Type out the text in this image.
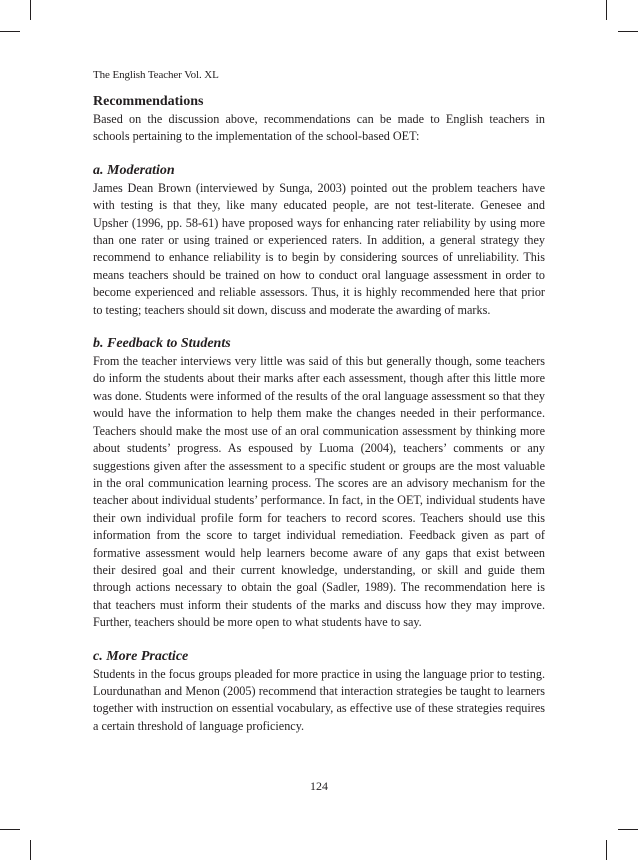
The English Teacher Vol. XL
Recommendations

Based on the discussion above, recommendations can be made to English teachers in schools pertaining to the implementation of the school-based OET:

a. Moderation

James Dean Brown (interviewed by Sunga, 2003) pointed out the problem teachers have with testing is that they, like many educated people, are not test-literate. Genesee and Upsher (1996, pp. 58-61) have proposed ways for enhancing rater reliability by using more than one rater or using trained or experienced raters. In addition, a general strategy they recommend to enhance reliability is to begin by considering sources of unreliability. This means teachers should be trained on how to conduct oral language assessment in order to become experienced and reliable assessors. Thus, it is highly recommended here that prior to testing; teachers should sit down, discuss and moderate the awarding of marks.

b. Feedback to Students

From the teacher interviews very little was said of this but generally though, some teachers do inform the students about their marks after each assessment, though after this little more was done. Students were informed of the results of the oral language assessment so that they would have the information to help them make the changes needed in their performance. Teachers should make the most use of an oral communication assessment by thinking more about students’ progress. As espoused by Luoma (2004), teachers’ comments or any suggestions given after the assessment to a specific student or groups are the most valuable in the oral communication learning process. The scores are an advisory mechanism for the teacher about individual students’ performance. In fact, in the OET, individual students have their own individual profile form for teachers to record scores. Teachers should use this information from the score to target individual remediation. Feedback given as part of formative assessment would help learners become aware of any gaps that exist between their desired goal and their current knowledge, understanding, or skill and guide them through actions necessary to obtain the goal (Sadler, 1989). The recommendation here is that teachers must inform their students of the marks and discuss how they may improve. Further, teachers should be more open to what students have to say.

c. More Practice

Students in the focus groups pleaded for more practice in using the language prior to testing. Lourdunathan and Menon (2005) recommend that interaction strategies be taught to learners together with instruction on essential vocabulary, as effective use of these strategies requires a certain threshold of language proficiency.

124
